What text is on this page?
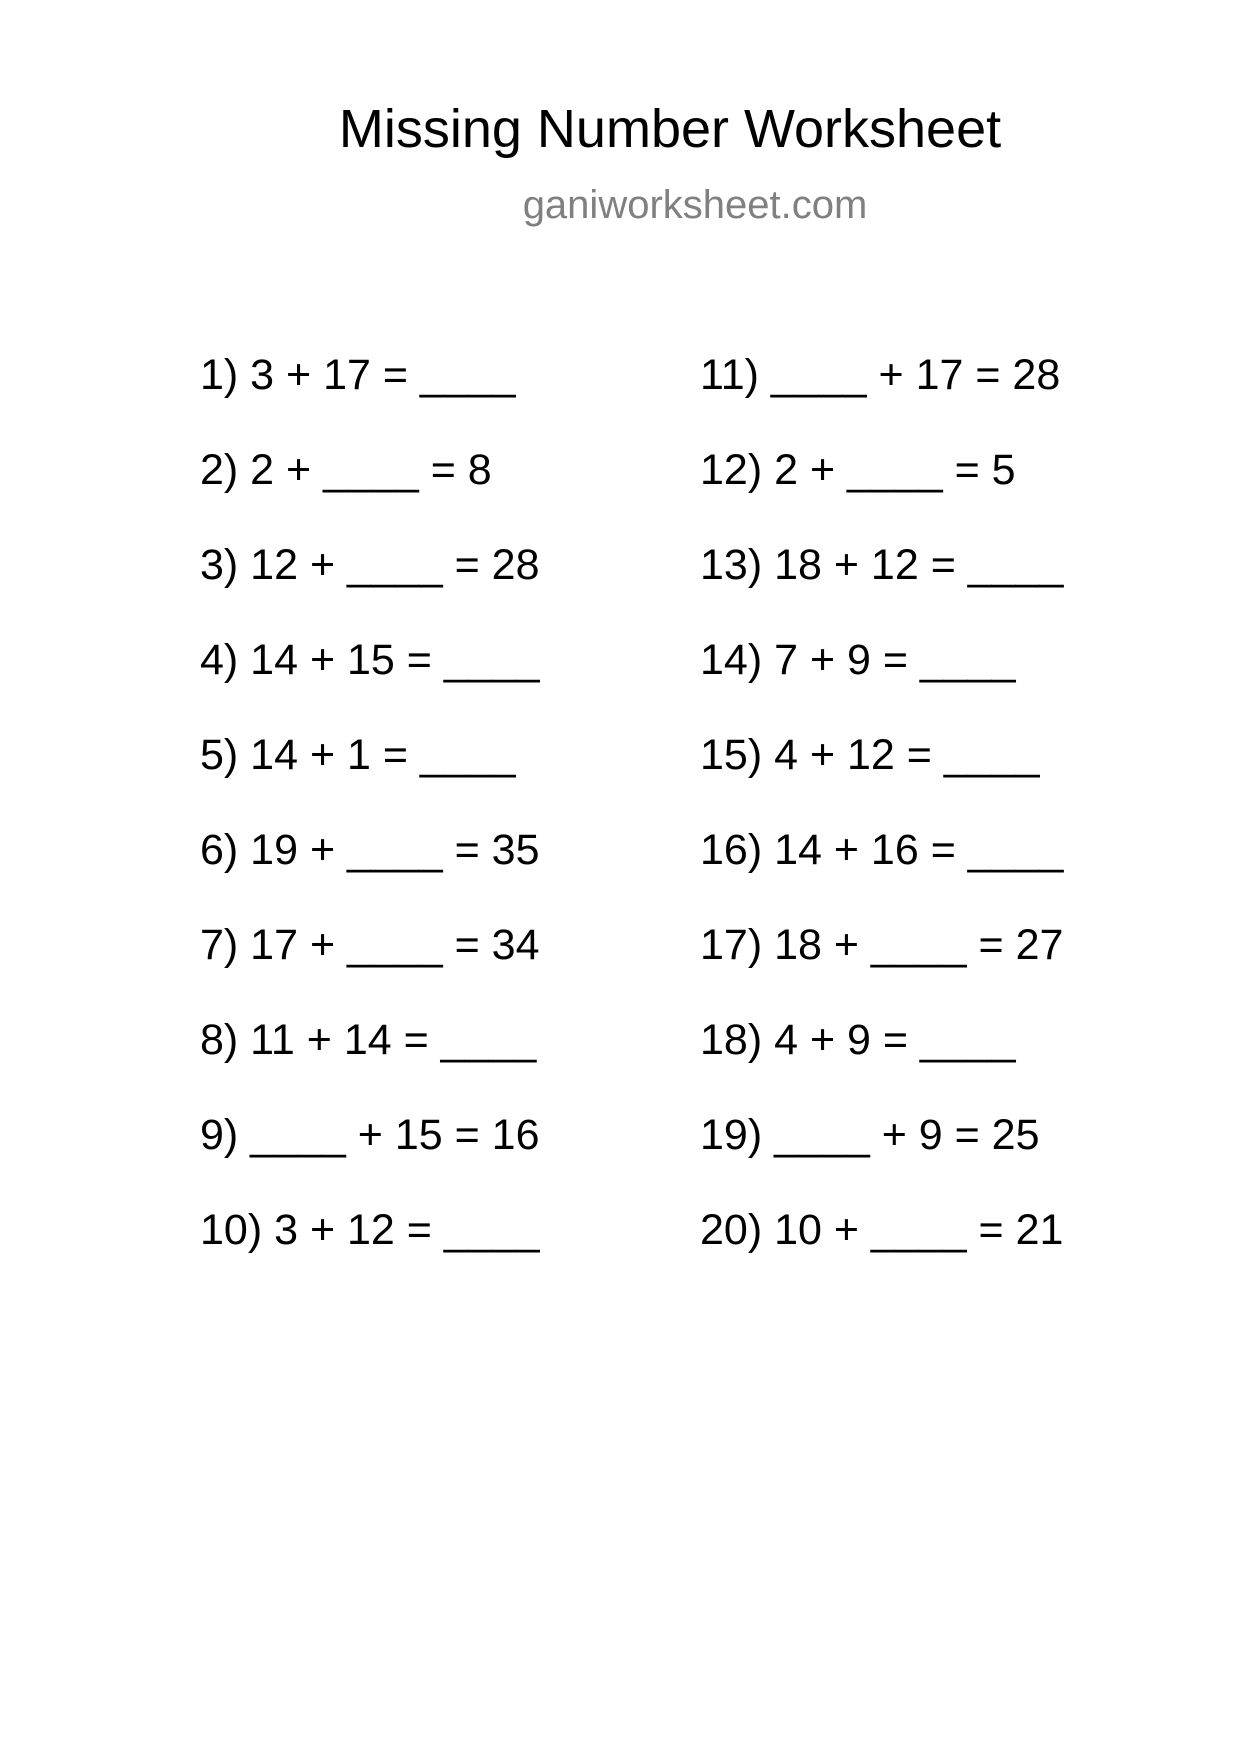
Missing Number Worksheet
ganiworksheet.com
1) 3 + 17 = ____
2) 2 + ____ = 8
3) 12 + ____ = 28
4) 14 + 15 = ____
5) 14 + 1 = ____
6) 19 + ____ = 35
7) 17 + ____ = 34
8) 11 + 14 = ____
9) ____ + 15 = 16
10) 3 + 12 = ____
11) ____ + 17 = 28
12) 2 + ____ = 5
13) 18 + 12 = ____
14) 7 + 9 = ____
15) 4 + 12 = ____
16) 14 + 16 = ____
17) 18 + ____ = 27
18) 4 + 9 = ____
19) ____ + 9 = 25
20) 10 + ____ = 21
